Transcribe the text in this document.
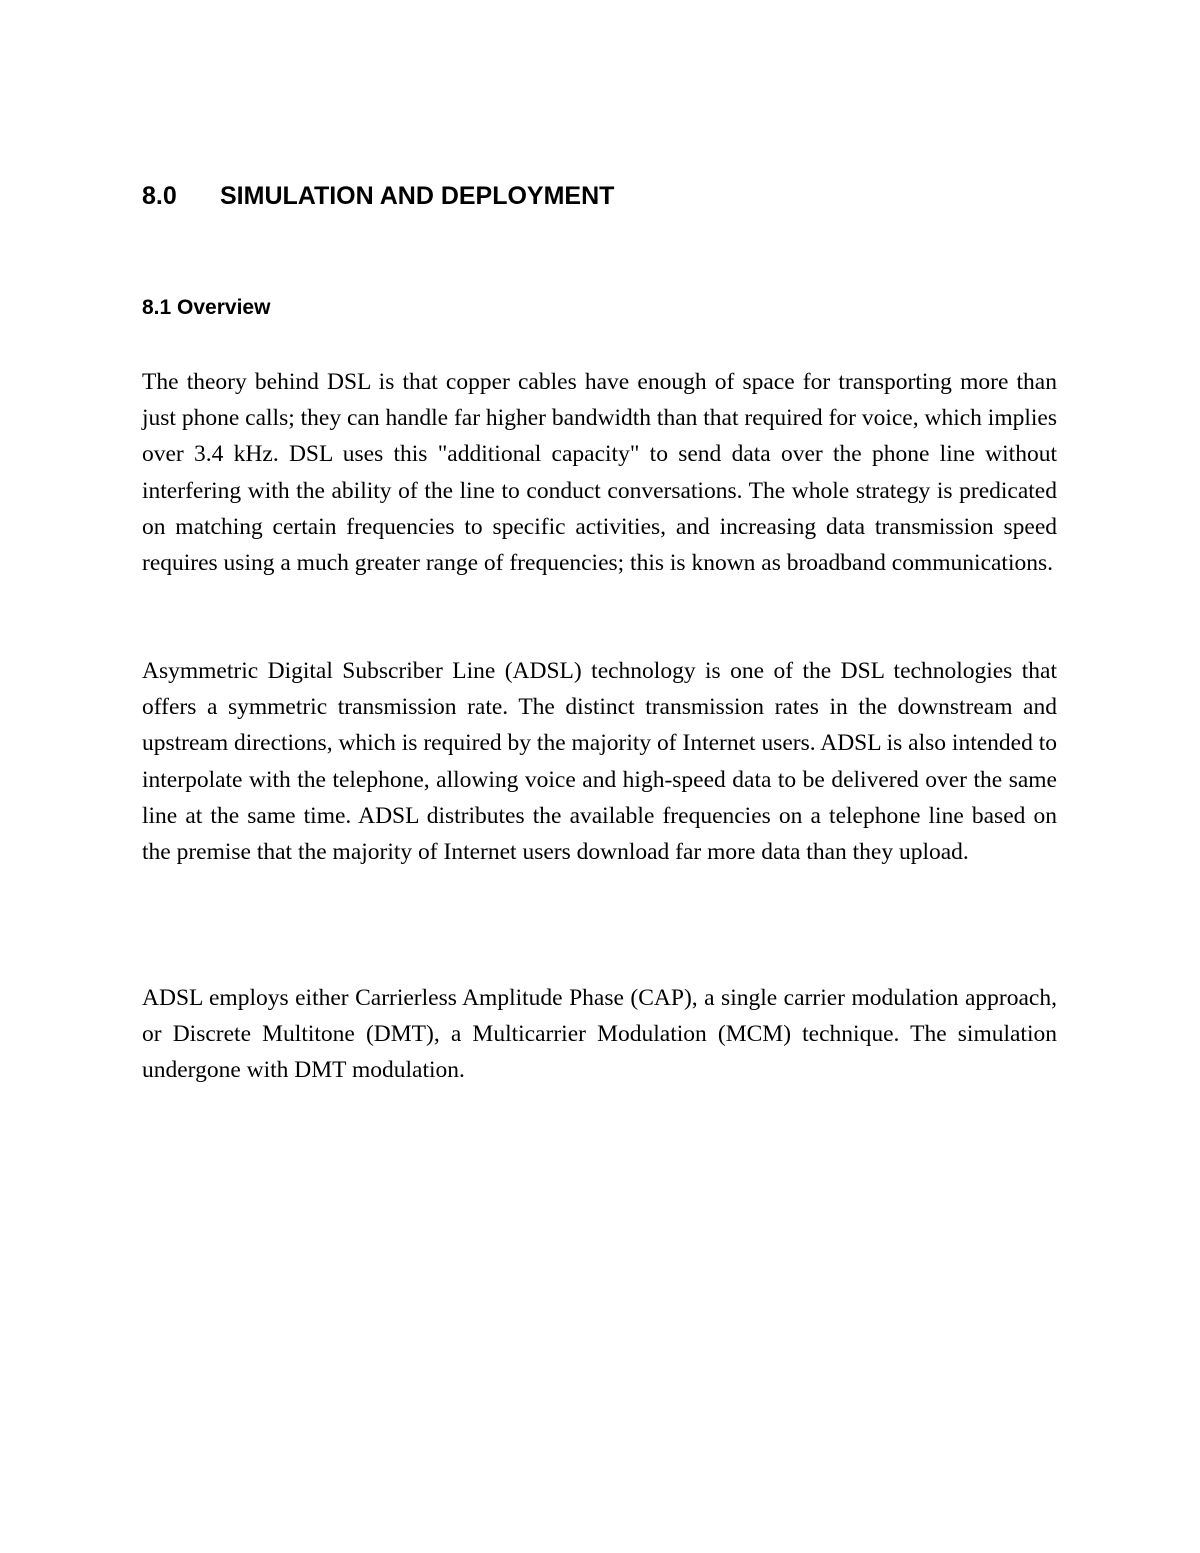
8.0 SIMULATION AND DEPLOYMENT
8.1 Overview

The theory behind DSL is that copper cables have enough of space for transporting more than just phone calls; they can handle far higher bandwidth than that required for voice, which implies over 3.4 kHz. DSL uses this "additional capacity" to send data over the phone line without interfering with the ability of the line to conduct conversations. The whole strategy is predicated on matching certain frequencies to specific activities, and increasing data transmission speed requires using a much greater range of frequencies; this is known as broadband communications.

Asymmetric Digital Subscriber Line (ADSL) technology is one of the DSL technologies that offers a symmetric transmission rate. The distinct transmission rates in the downstream and upstream directions, which is required by the majority of Internet users. ADSL is also intended to interpolate with the telephone, allowing voice and high-speed data to be delivered over the same line at the same time. ADSL distributes the available frequencies on a telephone line based on the premise that the majority of Internet users download far more data than they upload.

ADSL employs either Carrierless Amplitude Phase (CAP), a single carrier modulation approach, or Discrete Multitone (DMT), a Multicarrier Modulation (MCM) technique. The simulation undergone with DMT modulation.
